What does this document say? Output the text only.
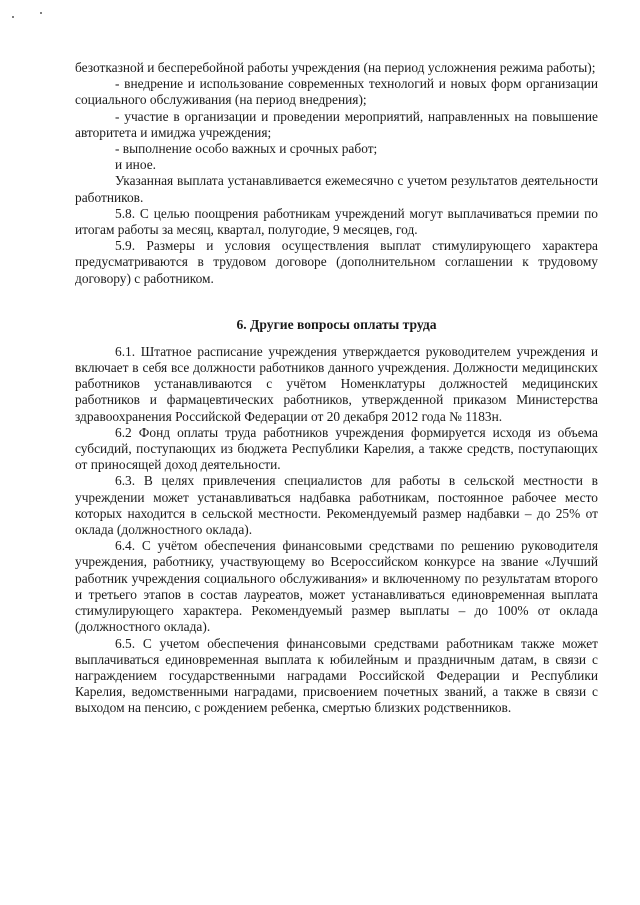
безотказной и бесперебойной работы учреждения (на период усложнения режима работы);

- внедрение и использование современных технологий и новых форм организации социального обслуживания (на период внедрения);

- участие в организации и проведении мероприятий, направленных на повышение авторитета и имиджа учреждения;

- выполнение особо важных и срочных работ;

и иное.

Указанная выплата устанавливается ежемесячно с учетом результатов деятельности работников.

5.8. С целью поощрения работникам учреждений могут выплачиваться премии по итогам работы за месяц, квартал, полугодие, 9 месяцев, год.

5.9. Размеры и условия осуществления выплат стимулирующего характера предусматриваются в трудовом договоре (дополнительном соглашении к трудовому договору) с работником.

6. Другие вопросы оплаты труда

6.1. Штатное расписание учреждения утверждается руководителем учреждения и включает в себя все должности работников данного учреждения. Должности медицинских работников устанавливаются с учётом Номенклатуры должностей медицинских работников и фармацевтических работников, утвержденной приказом Министерства здравоохранения Российской Федерации от 20 декабря 2012 года № 1183н.

6.2 Фонд оплаты труда работников учреждения формируется исходя из объема субсидий, поступающих из бюджета Республики Карелия, а также средств, поступающих от приносящей доход деятельности.

6.3. В целях привлечения специалистов для работы в сельской местности в учреждении может устанавливаться надбавка работникам, постоянное рабочее место которых находится в сельской местности. Рекомендуемый размер надбавки – до 25% от оклада (должностного оклада).

6.4. С учётом обеспечения финансовыми средствами по решению руководителя учреждения, работнику, участвующему во Всероссийском конкурсе на звание «Лучший работник учреждения социального обслуживания» и включенному по результатам второго и третьего этапов в состав лауреатов, может устанавливаться единовременная выплата стимулирующего характера. Рекомендуемый размер выплаты – до 100% от оклада (должностного оклада).

6.5. С учетом обеспечения финансовыми средствами работникам также может выплачиваться единовременная выплата к юбилейным и праздничным датам, в связи с награждением государственными наградами Российской Федерации и Республики Карелия, ведомственными наградами, присвоением почетных званий, а также в связи с выходом на пенсию, с рождением ребенка, смертью близких родственников.
